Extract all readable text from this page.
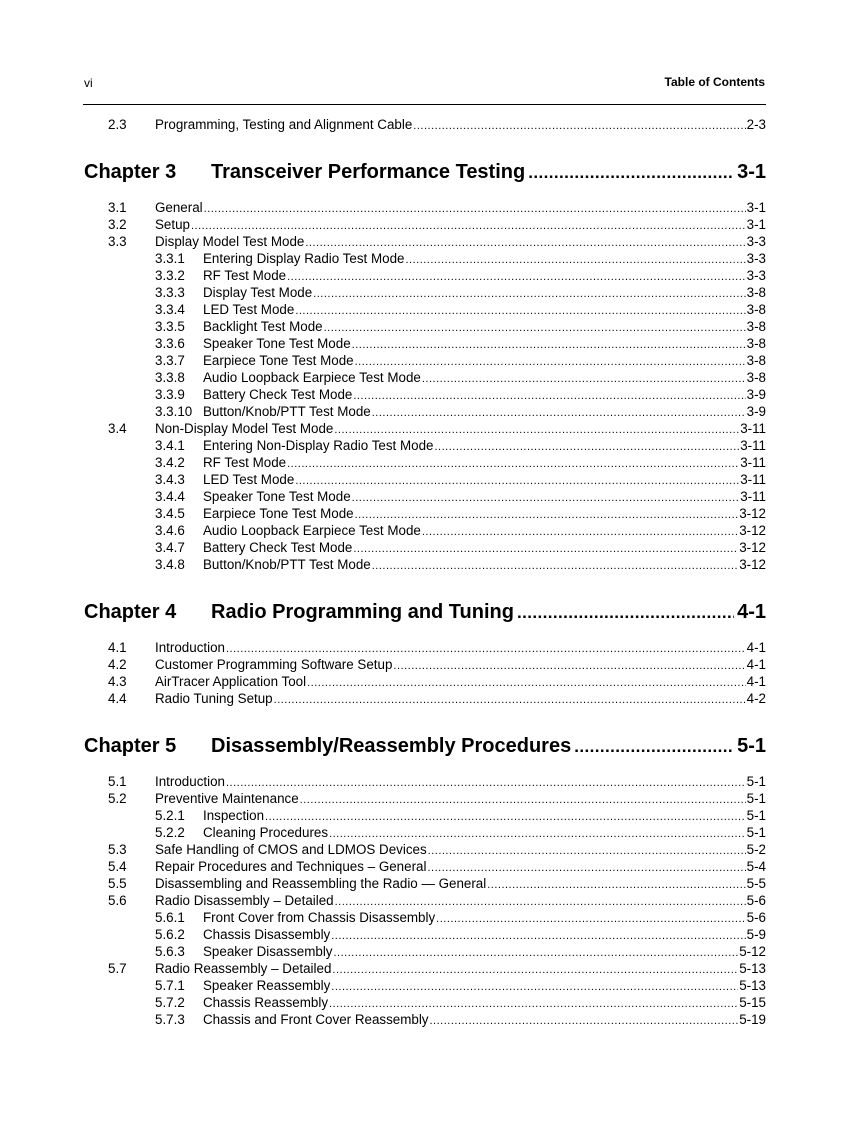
vi	Table of Contents
2.3 Programming, Testing and Alignment Cable .....	2-3
Chapter 3 Transceiver Performance Testing .....	3-1
3.1 General .....	3-1
3.2 Setup .....	3-1
3.3 Display Model Test Mode .....	3-3
3.3.1 Entering Display Radio Test Mode .....	3-3
3.3.2 RF Test Mode .....	3-3
3.3.3 Display Test Mode .....	3-8
3.3.4 LED Test Mode .....	3-8
3.3.5 Backlight Test Mode .....	3-8
3.3.6 Speaker Tone Test Mode .....	3-8
3.3.7 Earpiece Tone Test Mode .....	3-8
3.3.8 Audio Loopback Earpiece Test Mode .....	3-8
3.3.9 Battery Check Test Mode .....	3-9
3.3.10 Button/Knob/PTT Test Mode .....	3-9
3.4 Non-Display Model Test Mode .....	3-11
3.4.1 Entering Non-Display Radio Test Mode .....	3-11
3.4.2 RF Test Mode .....	3-11
3.4.3 LED Test Mode .....	3-11
3.4.4 Speaker Tone Test Mode .....	3-11
3.4.5 Earpiece Tone Test Mode .....	3-12
3.4.6 Audio Loopback Earpiece Test Mode .....	3-12
3.4.7 Battery Check Test Mode .....	3-12
3.4.8 Button/Knob/PTT Test Mode .....	3-12
Chapter 4 Radio Programming and Tuning .....	4-1
4.1 Introduction .....	4-1
4.2 Customer Programming Software Setup .....	4-1
4.3 AirTracer Application Tool .....	4-1
4.4 Radio Tuning Setup .....	4-2
Chapter 5 Disassembly/Reassembly Procedures .....	5-1
5.1 Introduction .....	5-1
5.2 Preventive Maintenance .....	5-1
5.2.1 Inspection .....	5-1
5.2.2 Cleaning Procedures .....	5-1
5.3 Safe Handling of CMOS and LDMOS Devices .....	5-2
5.4 Repair Procedures and Techniques – General .....	5-4
5.5 Disassembling and Reassembling the Radio — General .....	5-5
5.6 Radio Disassembly – Detailed .....	5-6
5.6.1 Front Cover from Chassis Disassembly .....	5-6
5.6.2 Chassis Disassembly .....	5-9
5.6.3 Speaker Disassembly .....	5-12
5.7 Radio Reassembly – Detailed .....	5-13
5.7.1 Speaker Reassembly .....	5-13
5.7.2 Chassis Reassembly .....	5-15
5.7.3 Chassis and Front Cover Reassembly .....	5-19
